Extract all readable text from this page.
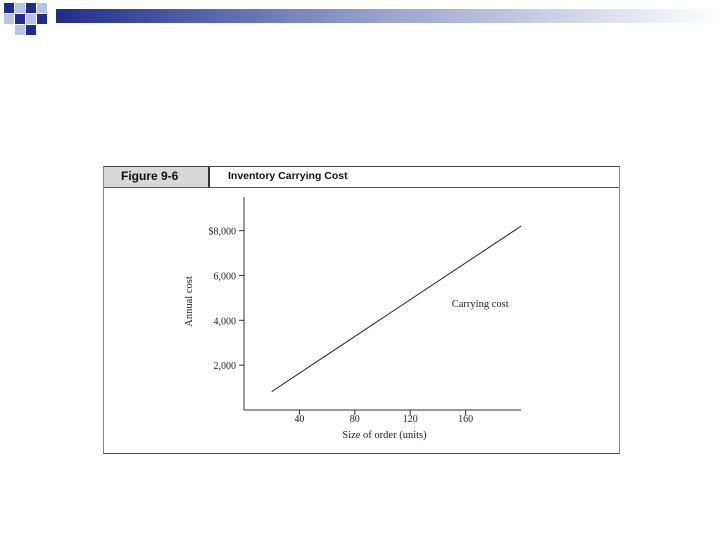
Figure 9-6	Inventory Carrying Cost
2,000
4,000
6,000
$8,000
40	80	120	160
Size of order (units)
Annual cost	Carrying cost
